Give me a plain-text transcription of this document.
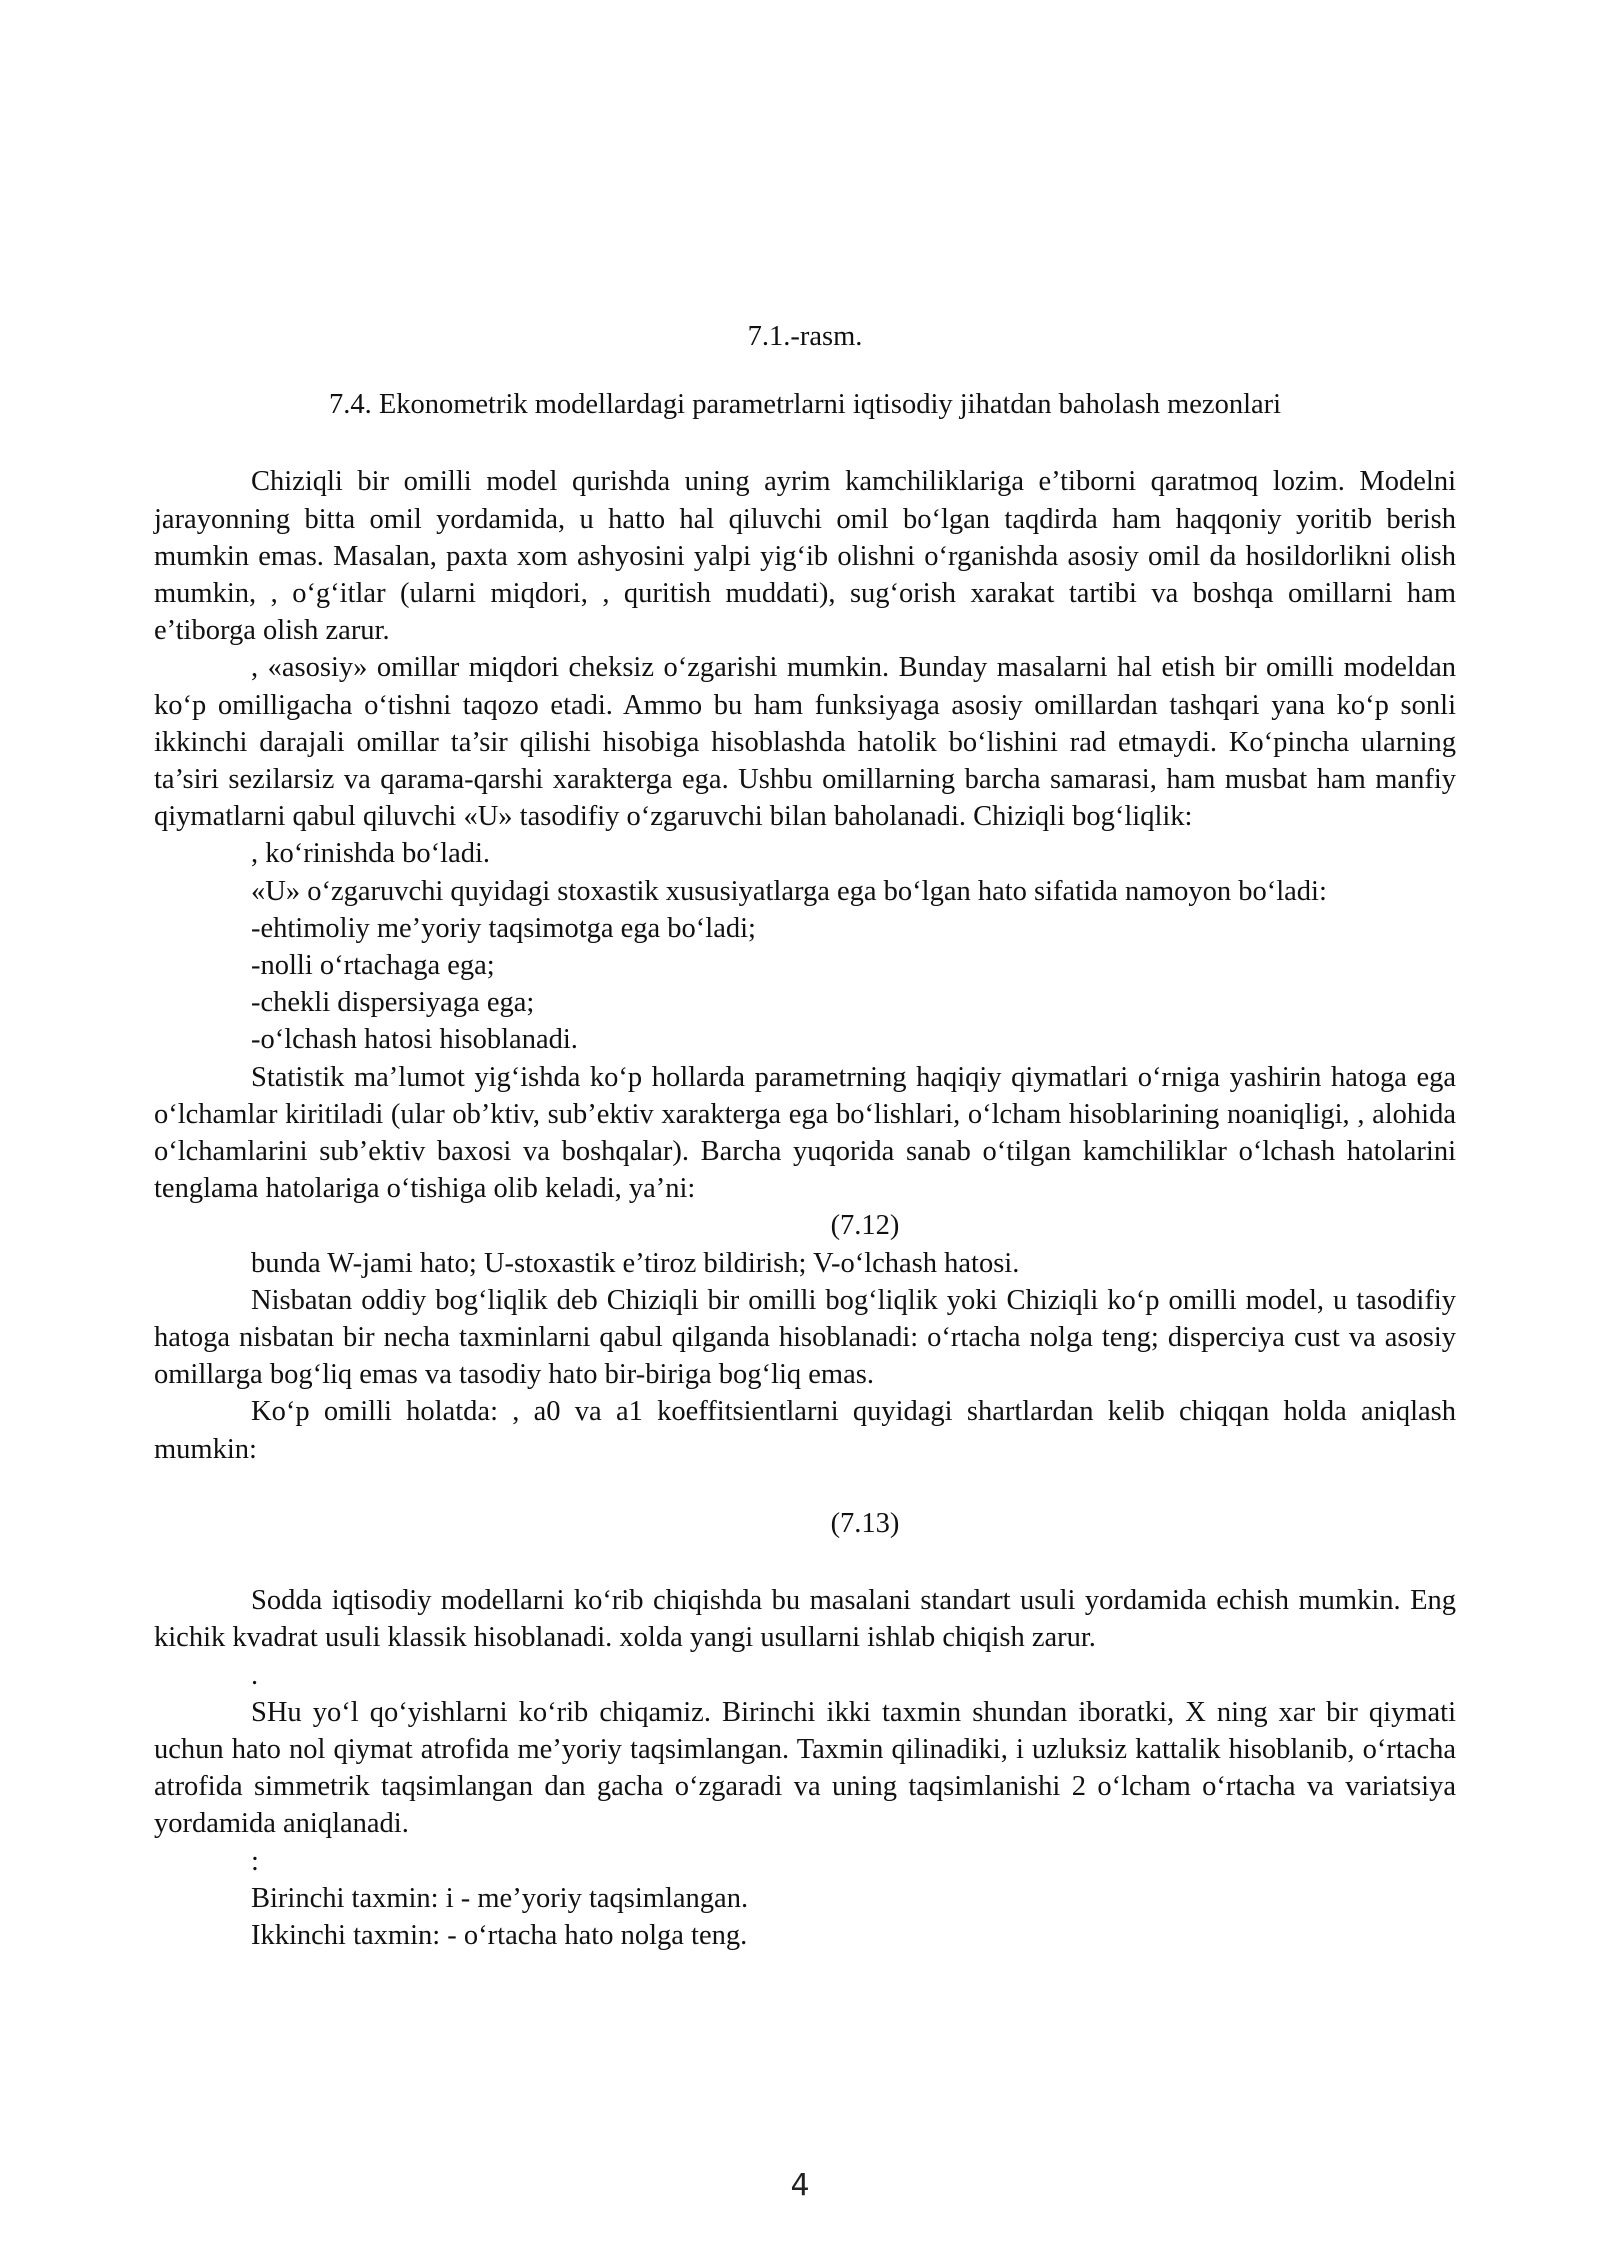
7.1.-rasm.

7.4. Ekonometrik modellardagi parametrlarni iqtisodiy jihatdan baholash mezonlari

Chiziqli bir omilli model qurishda uning ayrim kamchiliklariga e’tiborni qaratmoq lozim. Modelni jarayonning bitta omil yordamida, u hatto hal qiluvchi omil bo‘lgan taqdirda ham haqqoniy yoritib berish mumkin emas. Masalan, paxta xom ashyosini yalpi yig‘ib olishni o‘rganishda asosiy omil da hosildorlikni olish mumkin, , o‘g‘itlar (ularni miqdori, , quritish muddati), sug‘orish xarakat tartibi va boshqa omillarni ham e’tiborga olish zarur.

, «asosiy» omillar miqdori cheksiz o‘zgarishi mumkin. Bunday masalarni hal etish bir omilli modeldan ko‘p omilligacha o‘tishni taqozo etadi. Ammo bu ham funksiyaga asosiy omillardan tashqari yana ko‘p sonli ikkinchi darajali omillar ta’sir qilishi hisobiga hisoblashda hatolik bo‘lishini rad etmaydi. Ko‘pincha ularning ta’siri sezilarsiz va qarama-qarshi xarakterga ega. Ushbu omillarning barcha samarasi, ham musbat ham manfiy qiymatlarni qabul qiluvchi «U» tasodifiy o‘zgaruvchi bilan baholanadi. Chiziqli bog‘liqlik:

, ko‘rinishda bo‘ladi.

«U» o‘zgaruvchi quyidagi stoxastik xususiyatlarga ega bo‘lgan hato sifatida namoyon bo‘ladi:

-ehtimoliy me’yoriy taqsimotga ega bo‘ladi;

-nolli o‘rtachaga ega;

-chekli dispersiyaga ega;

-o‘lchash hatosi hisoblanadi.

Statistik ma’lumot yig‘ishda ko‘p hollarda parametrning haqiqiy qiymatlari o‘rniga yashirin hatoga ega o‘lchamlar kiritiladi (ular ob’ktiv, sub’ektiv xarakterga ega bo‘lishlari, o‘lcham hisoblarining noaniqligi, , alohida o‘lchamlarini sub’ektiv baxosi va boshqalar). Barcha yuqorida sanab o‘tilgan kamchiliklar o‘lchash hatolarini tenglama hatolariga o‘tishiga olib keladi, ya’ni:

(7.12)

bunda W-jami hato; U-stoxastik e’tiroz bildirish; V-o‘lchash hatosi.

Nisbatan oddiy bog‘liqlik deb Chiziqli bir omilli bog‘liqlik yoki Chiziqli ko‘p omilli model, u tasodifiy hatoga nisbatan bir necha taxminlarni qabul qilganda hisoblanadi: o‘rtacha nolga teng; disperciya cust va asosiy omillarga bog‘liq emas va tasodiy hato bir-biriga bog‘liq emas.

Ko‘p omilli holatda: , a0 va a1 koeffitsientlarni quyidagi shartlardan kelib chiqqan holda aniqlash mumkin:

(7.13)

Sodda iqtisodiy modellarni ko‘rib chiqishda bu masalani standart usuli yordamida echish mumkin. Eng kichik kvadrat usuli klassik hisoblanadi. xolda yangi usullarni ishlab chiqish zarur.

.

SHu yo‘l qo‘yishlarni ko‘rib chiqamiz. Birinchi ikki taxmin shundan iboratki, X ning xar bir qiymati uchun hato nol qiymat atrofida me’yoriy taqsimlangan. Taxmin qilinadiki, i uzluksiz kattalik hisoblanib, o‘rtacha atrofida simmetrik taqsimlangan dan gacha o‘zgaradi va uning taqsimlanishi 2 o‘lcham o‘rtacha va variatsiya yordamida aniqlanadi.

:

Birinchi taxmin: i - me’yoriy taqsimlangan.

Ikkinchi taxmin: - o‘rtacha hato nolga teng.

4
